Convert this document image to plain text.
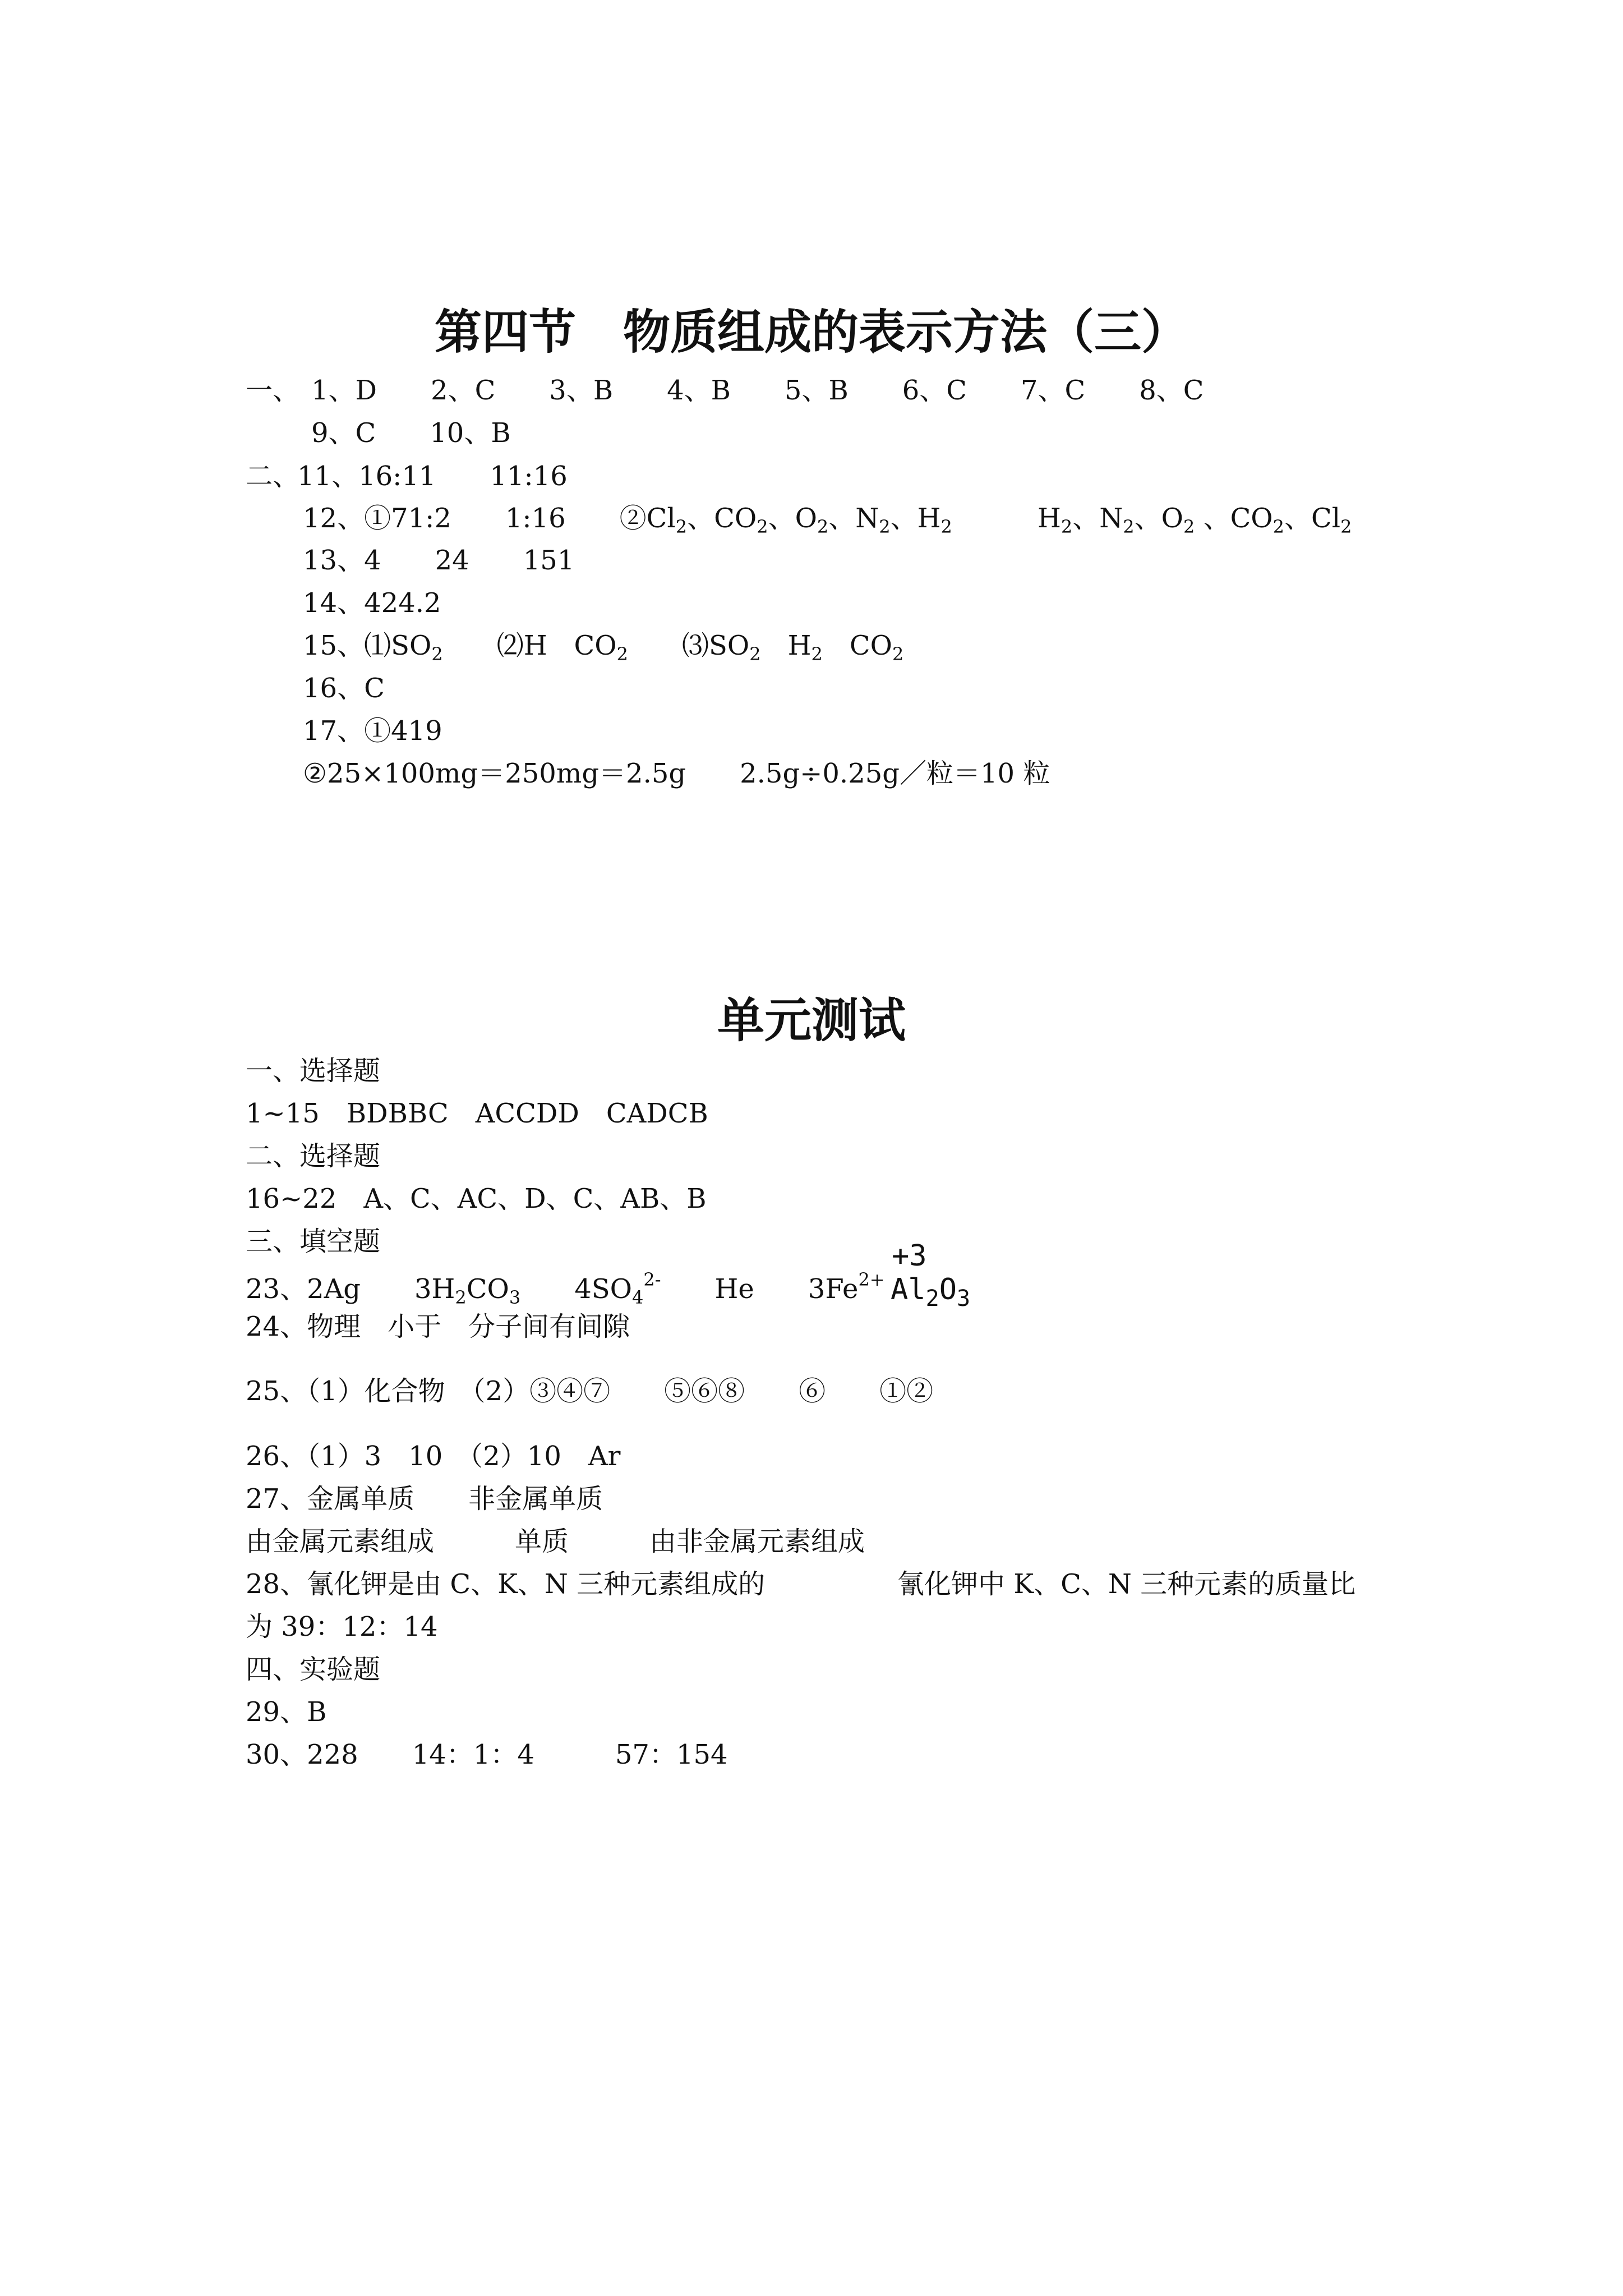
第四节　物质组成的表示方法（三）
一、 1、D　　2、C　　3、B　　4、B　　5、B　　6、C　　7、C　　8、C
9、C　　10、B
二、
11、16:11　　11:16
12、①71:2　　1:16　　$②Cl_2$、$CO_2$、$O_2$、$N_2$、$H_2$	$H_2$、$N_2$、$O_2$ 、$CO_2$、$Cl_2$
13、4　　24　　151
14、424.2
15、$⑴SO_2$　　⑵H　$CO_2$　　$⑶SO_2$　$H_2$　$CO_2$
16、C
17、①419
②25×100mg＝250mg＝2.5g　　2.5g÷0.25g／粒＝10 粒
单元测试
一、选择题
1~15　BDBBC　ACCDD　CADCB
二、选择题
16~22　A、C、AC、D、C、AB、B
三、填空题
23、2Ag　　$3H_2CO_3$　　$4SO_4^{2-}$　　He　　$3Fe^{2+}$
+3
$Al_2O_3$
24、物理　小于　分子间有间隙
25、（1）化合物　（2）③④⑦　　⑤⑥⑧　　⑥　　①②
26、（1）3　10　（2）10　Ar
27、金属单质　　非金属单质
由金属元素组成　　　单质　　　由非金属元素组成
28、氰化钾是由 C、K、N 三种元素组成的	氰化钾中 K、C、N 三种元素的质量比
为 39：12：14
四、实验题
29、B
30、228　　14：1：4　　　57：154
